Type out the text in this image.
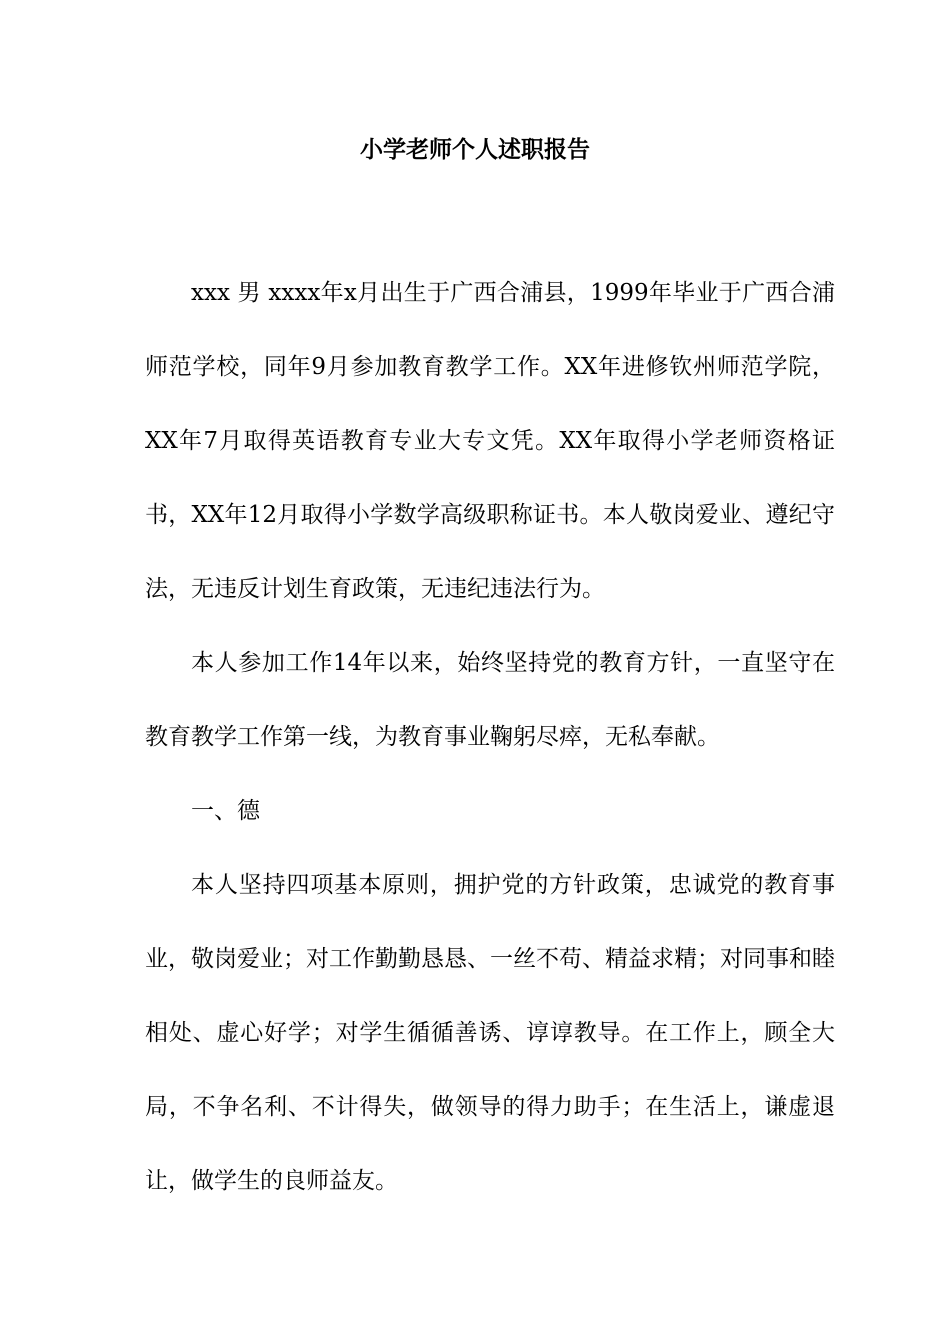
小学老师个人述职报告

xxx 男 xxxx年x月出生于广西合浦县，1999年毕业于广西合浦师范学校，同年9月参加教育教学工作。XX年进修钦州师范学院，XX年7月取得英语教育专业大专文凭。XX年取得小学老师资格证书，XX年12月取得小学数学高级职称证书。本人敬岗爱业、遵纪守法，无违反计划生育政策，无违纪违法行为。

本人参加工作14年以来，始终坚持党的教育方针，一直坚守在教育教学工作第一线，为教育事业鞠躬尽瘁，无私奉献。

一、德

本人坚持四项基本原则，拥护党的方针政策，忠诚党的教育事业，敬岗爱业；对工作勤勤恳恳、一丝不苟、精益求精；对同事和睦相处、虚心好学；对学生循循善诱、谆谆教导。在工作上，顾全大局，不争名利、不计得失，做领导的得力助手；在生活上，谦虚退让，做学生的良师益友。
